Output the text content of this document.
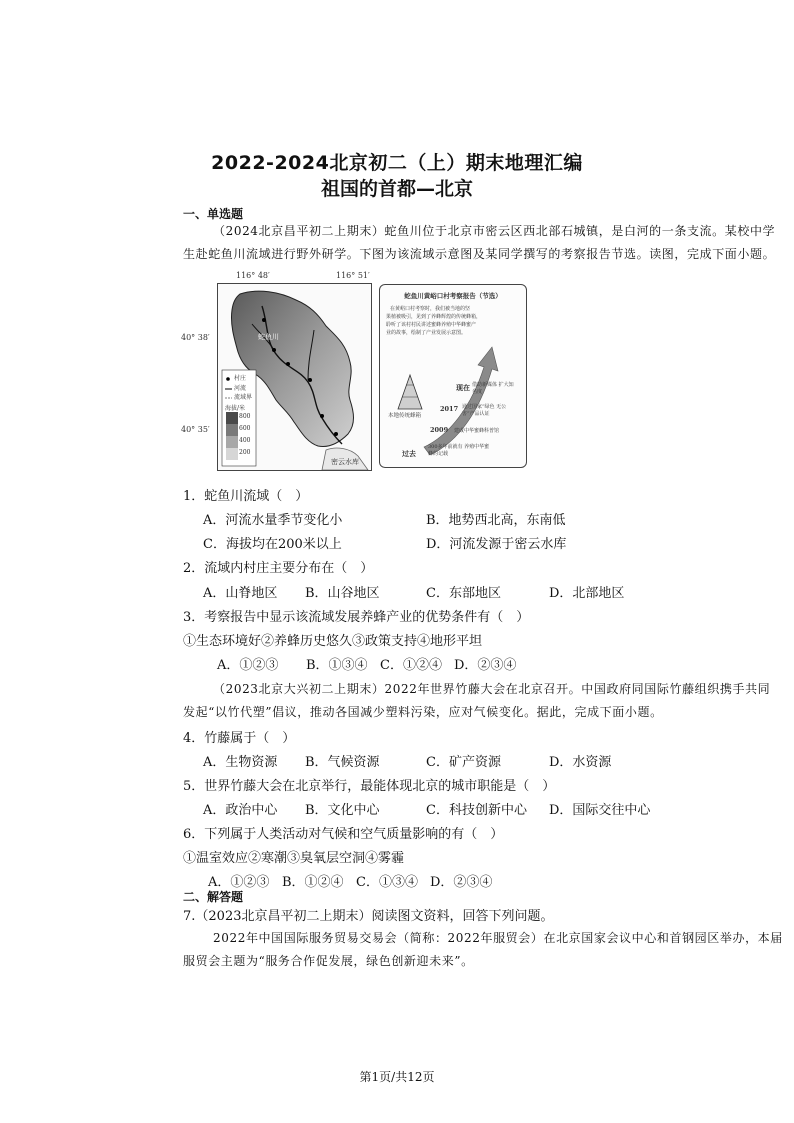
2022-2024北京初二（上）期末地理汇编
祖国的首都—北京
一、单选题
（2024北京昌平初二上期末）蛇鱼川位于北京市密云区西北部石城镇，是白河的一条支流。某校中学
生赴蛇鱼川流域进行野外研学。下图为该流域示意图及某同学撰写的考察报告节选。读图，完成下面小题。
116° 48′	116° 51′
40° 38′
40° 35′
村庄
河流
流域界
海拔/米
800
600
400
200
蛇鱼川
密云水库
蛇鱼川黄峪口村考察报告（节选）
在黄峪口村考察时，我们被当地的坚
果植被吸引，见到了养蜂辉煌的传统蜂箱，
聆听了该村村民讲述蜜蜂养殖中华蜂蜜产
业的故事，绘制了产业发展示意图。
本地传统蜂箱
现在 借助新媒体 扩大知名度
2017 通过国家“绿色 无公害”产品认证
2009 建成中华蜜蜂科普馆
过去
300多年前就有 养殖中华蜜蜂的记载
1．蛇鱼川流域（　）
A．河流水量季节变化小	B．地势西北高，东南低
C．海拔均在200米以上	D．河流发源于密云水库
2．流域内村庄主要分布在（　）
A．山脊地区 B．山谷地区	C．东部地区	D．北部地区
3．考察报告中显示该流域发展养蜂产业的优势条件有（　）
①生态环境好②养蜂历史悠久③政策支持④地形平坦
A．①②③ B．①③④ C．①②④ D．②③④
（2023北京大兴初二上期末）2022年世界竹藤大会在北京召开。中国政府同国际竹藤组织携手共同
发起“以竹代塑”倡议，推动各国减少塑料污染，应对气候变化。据此，完成下面小题。
4．竹藤属于（　）
A．生物资源 B．气候资源	C．矿产资源	D．水资源
5．世界竹藤大会在北京举行，最能体现北京的城市职能是（　）
A．政治中心 B．文化中心	C．科技创新中心 D．国际交往中心
6．下列属于人类活动对气候和空气质量影响的有（　）
①温室效应②寒潮③臭氧层空洞④雾霾
A．①②③ B．①②④ C．①③④ D．②③④
二、解答题
7.（2023北京昌平初二上期末）阅读图文资料，回答下列问题。
2022年中国国际服务贸易交易会（简称：2022年服贸会）在北京国家会议中心和首钢园区举办，本届
服贸会主题为“服务合作促发展，绿色创新迎未来”。
第1页/共12页
